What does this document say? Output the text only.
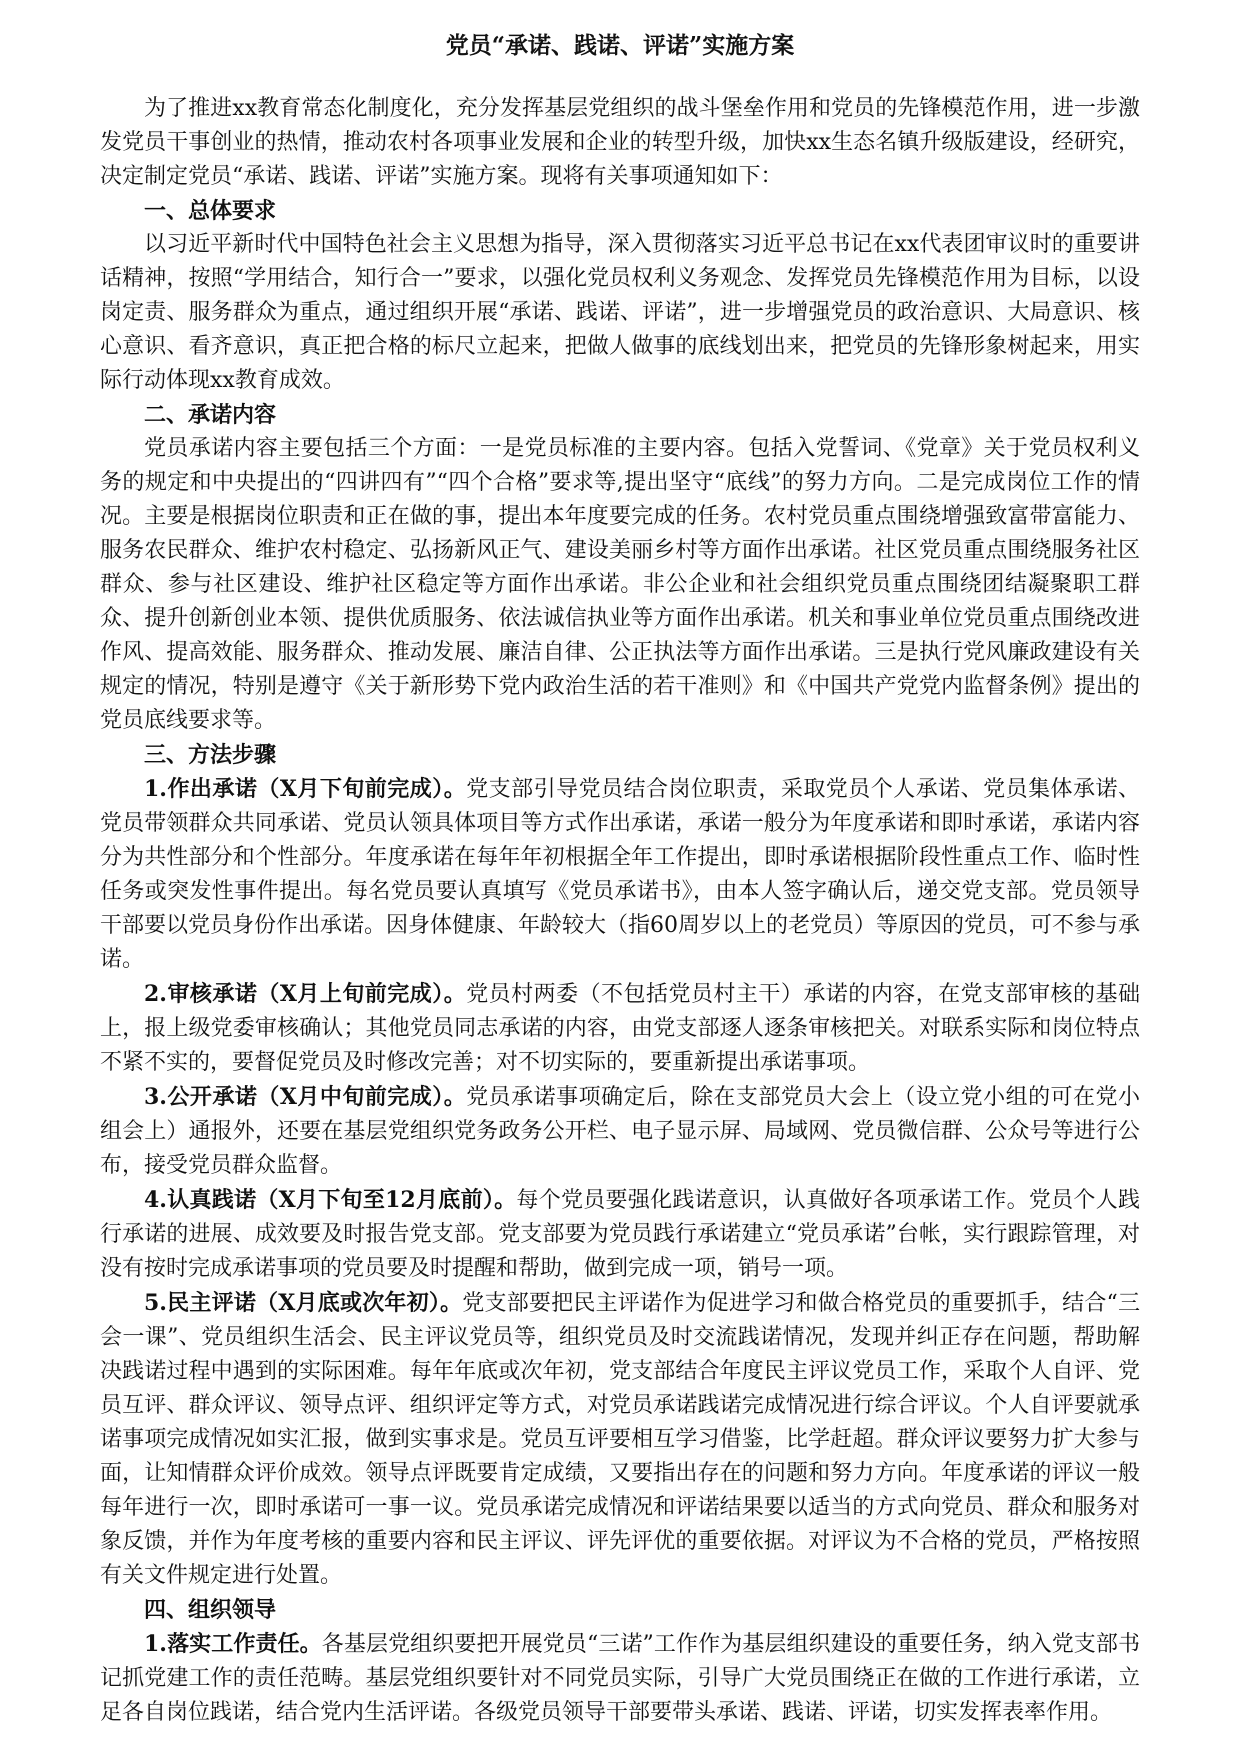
党员“承诺、践诺、评诺”实施方案

为了推进xx教育常态化制度化，充分发挥基层党组织的战斗堡垒作用和党员的先锋模范作用，进一步激发党员干事创业的热情，推动农村各项事业发展和企业的转型升级，加快xx生态名镇升级版建设，经研究，决定制定党员“承诺、践诺、评诺”实施方案。现将有关事项通知如下：

一、总体要求

以习近平新时代中国特色社会主义思想为指导，深入贯彻落实习近平总书记在xx代表团审议时的重要讲话精神，按照“学用结合，知行合一”要求，以强化党员权利义务观念、发挥党员先锋模范作用为目标，以设岗定责、服务群众为重点，通过组织开展“承诺、践诺、评诺”，进一步增强党员的政治意识、大局意识、核心意识、看齐意识，真正把合格的标尺立起来，把做人做事的底线划出来，把党员的先锋形象树起来，用实际行动体现xx教育成效。

二、承诺内容

党员承诺内容主要包括三个方面：一是党员标准的主要内容。包括入党誓词、《党章》关于党员权利义务的规定和中央提出的“四讲四有”“四个合格”要求等,提出坚守“底线”的努力方向。二是完成岗位工作的情况。主要是根据岗位职责和正在做的事，提出本年度要完成的任务。农村党员重点围绕增强致富带富能力、服务农民群众、维护农村稳定、弘扬新风正气、建设美丽乡村等方面作出承诺。社区党员重点围绕服务社区群众、参与社区建设、维护社区稳定等方面作出承诺。非公企业和社会组织党员重点围绕团结凝聚职工群众、提升创新创业本领、提供优质服务、依法诚信执业等方面作出承诺。机关和事业单位党员重点围绕改进作风、提高效能、服务群众、推动发展、廉洁自律、公正执法等方面作出承诺。三是执行党风廉政建设有关规定的情况，特别是遵守《关于新形势下党内政治生活的若干准则》和《中国共产党党内监督条例》提出的党员底线要求等。

三、方法步骤

1.作出承诺（X月下旬前完成）。党支部引导党员结合岗位职责，采取党员个人承诺、党员集体承诺、党员带领群众共同承诺、党员认领具体项目等方式作出承诺，承诺一般分为年度承诺和即时承诺，承诺内容分为共性部分和个性部分。年度承诺在每年年初根据全年工作提出，即时承诺根据阶段性重点工作、临时性任务或突发性事件提出。每名党员要认真填写《党员承诺书》，由本人签字确认后，递交党支部。党员领导干部要以党员身份作出承诺。因身体健康、年龄较大（指60周岁以上的老党员）等原因的党员，可不参与承诺。

2.审核承诺（X月上旬前完成）。党员村两委（不包括党员村主干）承诺的内容，在党支部审核的基础上，报上级党委审核确认；其他党员同志承诺的内容，由党支部逐人逐条审核把关。对联系实际和岗位特点不紧不实的，要督促党员及时修改完善；对不切实际的，要重新提出承诺事项。

3.公开承诺（X月中旬前完成）。党员承诺事项确定后，除在支部党员大会上（设立党小组的可在党小组会上）通报外，还要在基层党组织党务政务公开栏、电子显示屏、局域网、党员微信群、公众号等进行公布，接受党员群众监督。

4.认真践诺（X月下旬至12月底前）。每个党员要强化践诺意识，认真做好各项承诺工作。党员个人践行承诺的进展、成效要及时报告党支部。党支部要为党员践行承诺建立“党员承诺”台帐，实行跟踪管理，对没有按时完成承诺事项的党员要及时提醒和帮助，做到完成一项，销号一项。

5.民主评诺（X月底或次年初）。党支部要把民主评诺作为促进学习和做合格党员的重要抓手，结合“三会一课”、党员组织生活会、民主评议党员等，组织党员及时交流践诺情况，发现并纠正存在问题，帮助解决践诺过程中遇到的实际困难。每年年底或次年初，党支部结合年度民主评议党员工作，采取个人自评、党员互评、群众评议、领导点评、组织评定等方式，对党员承诺践诺完成情况进行综合评议。个人自评要就承诺事项完成情况如实汇报，做到实事求是。党员互评要相互学习借鉴，比学赶超。群众评议要努力扩大参与面，让知情群众评价成效。领导点评既要肯定成绩，又要指出存在的问题和努力方向。年度承诺的评议一般每年进行一次，即时承诺可一事一议。党员承诺完成情况和评诺结果要以适当的方式向党员、群众和服务对象反馈，并作为年度考核的重要内容和民主评议、评先评优的重要依据。对评议为不合格的党员，严格按照有关文件规定进行处置。

四、组织领导

1.落实工作责任。各基层党组织要把开展党员“三诺”工作作为基层组织建设的重要任务，纳入党支部书记抓党建工作的责任范畴。基层党组织要针对不同党员实际，引导广大党员围绕正在做的工作进行承诺，立足各自岗位践诺，结合党内生活评诺。各级党员领导干部要带头承诺、践诺、评诺，切实发挥表率作用。
